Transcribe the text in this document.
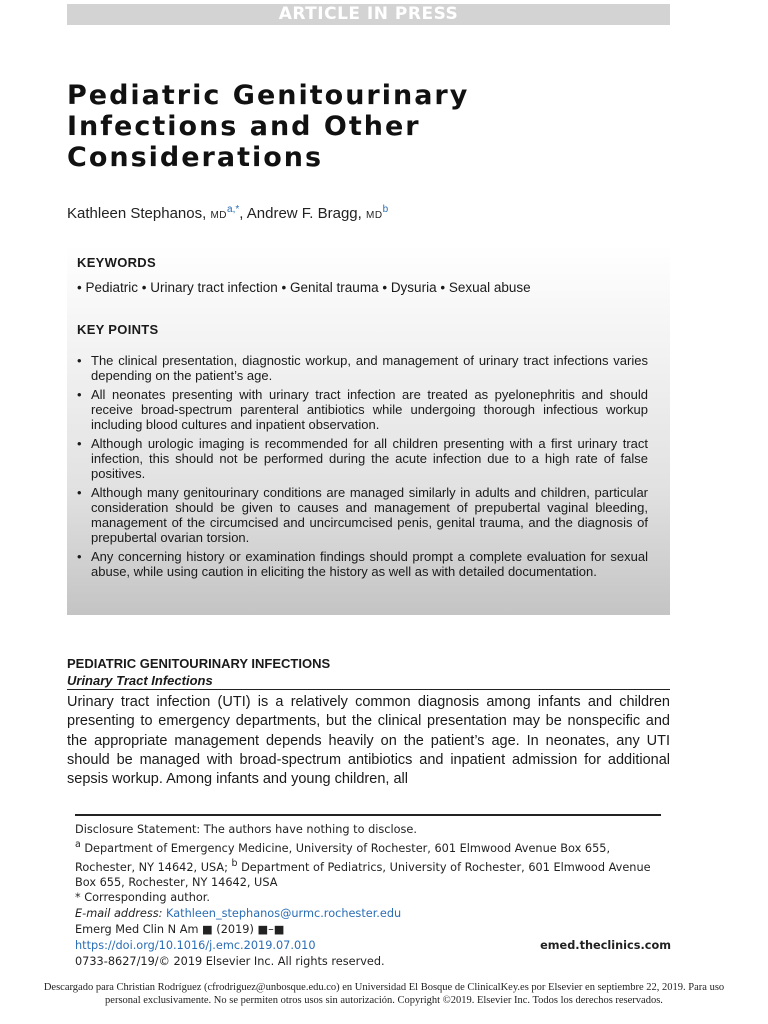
ARTICLE IN PRESS
Pediatric Genitourinary Infections and Other Considerations
Kathleen Stephanos, $MD^{a,*}$, Andrew F. Bragg, $MD^b$
KEYWORDS
• Pediatric • Urinary tract infection • Genital trauma • Dysuria • Sexual abuse
KEY POINTS
• The clinical presentation, diagnostic workup, and management of urinary tract infections varies depending on the patient’s age.
• All neonates presenting with urinary tract infection are treated as pyelonephritis and should receive broad-spectrum parenteral antibiotics while undergoing thorough infectious workup including blood cultures and inpatient observation.
• Although urologic imaging is recommended for all children presenting with a first urinary tract infection, this should not be performed during the acute infection due to a high rate of false positives.
• Although many genitourinary conditions are managed similarly in adults and children, particular consideration should be given to causes and management of prepubertal vaginal bleeding, management of the circumcised and uncircumcised penis, genital trauma, and the diagnosis of prepubertal ovarian torsion.
• Any concerning history or examination findings should prompt a complete evaluation for sexual abuse, while using caution in eliciting the history as well as with detailed documentation.
PEDIATRIC GENITOURINARY INFECTIONS
Urinary Tract Infections

Urinary tract infection (UTI) is a relatively common diagnosis among infants and children presenting to emergency departments, but the clinical presentation may be nonspecific and the appropriate management depends heavily on the patient’s age. In neonates, any UTI should be managed with broad-spectrum antibiotics and inpatient admission for additional sepsis workup. Among infants and young children, all

Disclosure Statement: The authors have nothing to disclose.

$^a$ Department of Emergency Medicine, University of Rochester, 601 Elmwood Avenue Box 655, Rochester, NY 14642, USA; $^b$ Department of Pediatrics, University of Rochester, 601 Elmwood Avenue Box 655, Rochester, NY 14642, USA

* Corresponding author.

E-mail address: Kathleen_stephanos@urmc.rochester.edu

Emerg Med Clin N Am ■ (2019) ■–■
https://doi.org/10.1016/j.emc.2019.07.010
0733-8627/19/© 2019 Elsevier Inc. All rights reserved.
emed.theclinics.com
Descargado para Christian Rodríguez (cfrodriguez@unbosque.edu.co) en Universidad El Bosque de ClinicalKey.es por Elsevier en septiembre 22, 2019. Para uso personal exclusivamente. No se permiten otros usos sin autorización. Copyright ©2019. Elsevier Inc. Todos los derechos reservados.
